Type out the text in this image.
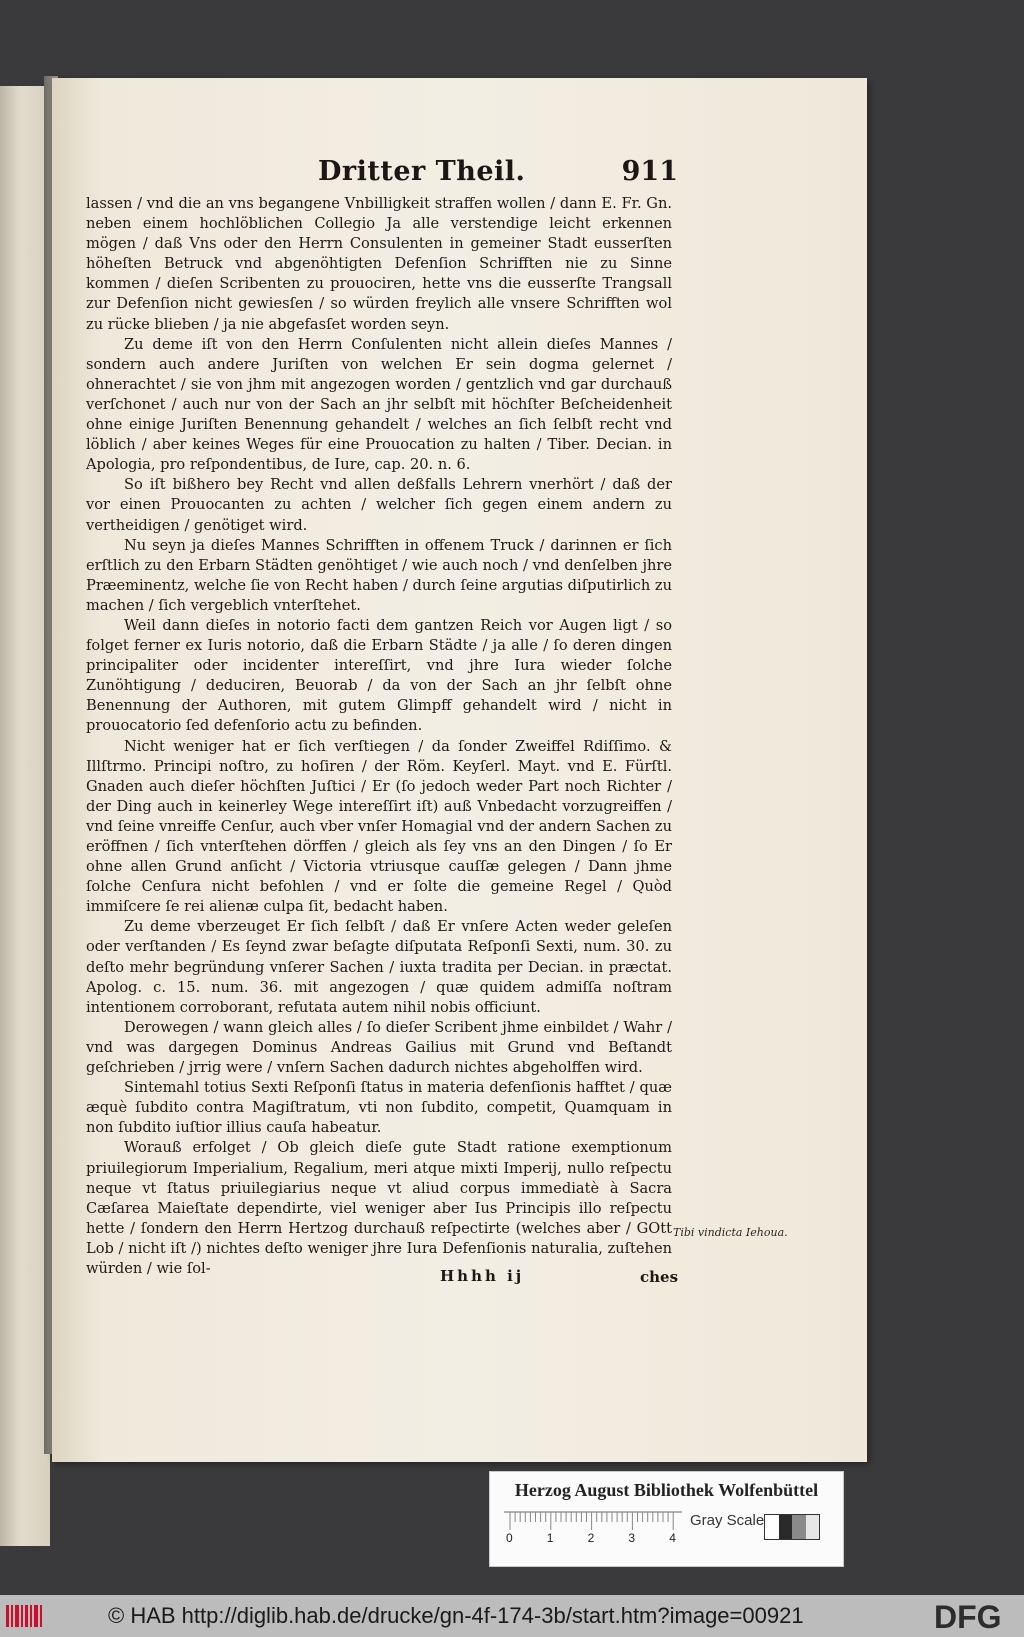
Dritter Theil.	911

lassen / vnd die an vns begangene Vnbilligkeit straffen wollen / dann E. Fr. Gn. neben einem hochlöblichen Collegio Ja alle verstendige leicht erkennen mögen / daß Vns oder den Herrn Consulenten in gemeiner Stadt eusserſten höheſten Betruck vnd abgenöhtigten Defenſion Schrifften nie zu Sinne kommen / dieſen Scribenten zu prouociren, hette vns die eusserſte Trangsall zur Defenſion nicht gewiesſen / so würden freylich alle vnsere Schrifften wol zu rücke blieben / ja nie abgefasſet worden seyn.

Zu deme iſt von den Herrn Conſulenten nicht allein dieſes Mannes / sondern auch andere Juriſten von welchen Er sein dogma gelernet / ohnerachtet / sie von jhm mit angezogen worden / gentzlich vnd gar durchauß verſchonet / auch nur von der Sach an jhr selbſt mit höchſter Beſcheidenheit ohne einige Juriſten Benennung gehandelt / welches an ſich ſelbſt recht vnd löblich / aber keines Weges für eine Prouocation zu halten / Tiber. Decian. in Apologia, pro reſpondentibus, de Iure, cap. 20. n. 6.

So iſt bißhero bey Recht vnd allen deßfalls Lehrern vnerhört / daß der vor einen Prouocanten zu achten / welcher ſich gegen einem andern zu vertheidigen / genötiget wird.

Nu seyn ja dieſes Mannes Schrifften in offenem Truck / darinnen er ſich erſtlich zu den Erbarn Städten genöhtiget / wie auch noch / vnd denſelben jhre Præeminentz, welche ſie von Recht haben / durch ſeine argutias diſputirlich zu machen / ſich vergeblich vnterſtehet.

Weil dann dieſes in notorio facti dem gantzen Reich vor Augen ligt / so folget ferner ex Iuris notorio, daß die Erbarn Städte / ja alle / ſo deren dingen principaliter oder incidenter intereſſirt, vnd jhre Iura wieder ſolche Zunöhtigung / deduciren, Beuorab / da von der Sach an jhr ſelbſt ohne Benennung der Authoren, mit gutem Glimpff gehandelt wird / nicht in prouocatorio ſed defenſorio actu zu befinden.

Nicht weniger hat er ſich verſtiegen / da ſonder Zweiffel Rdiſſimo. & Illſtrmo. Principi noſtro, zu hoſiren / der Röm. Keyſerl. Mayt. vnd E. Fürſtl. Gnaden auch dieſer höchſten Juſtici / Er (ſo jedoch weder Part noch Richter / der Ding auch in keinerley Wege intereſſirt iſt) auß Vnbedacht vorzugreiffen / vnd ſeine vnreiffe Cenſur, auch vber vnſer Homagial vnd der andern Sachen zu eröffnen / ſich vnterſtehen dörffen / gleich als ſey vns an den Dingen / ſo Er ohne allen Grund anſicht / Victoria vtriusque cauſſæ gelegen / Dann jhme ſolche Cenſura nicht befohlen / vnd er ſolte die gemeine Regel / Quòd immiſcere ſe rei alienæ culpa ſit, bedacht haben.

Zu deme vberzeuget Er ſich ſelbſt / daß Er vnſere Acten weder geleſen oder verſtanden / Es ſeynd zwar beſagte diſputata Reſponſi Sexti, num. 30. zu deſto mehr begründung vnſerer Sachen / iuxta tradita per Decian. in præctat. Apolog. c. 15. num. 36. mit angezogen / quæ quidem admiſſa noſtram intentionem corroborant, refutata autem nihil nobis officiunt.

Derowegen / wann gleich alles / ſo dieſer Scribent jhme einbildet / Wahr / vnd was dargegen Dominus Andreas Gailius mit Grund vnd Beſtandt geſchrieben / jrrig were / vnſern Sachen dadurch nichtes abgeholffen wird.

Sintemahl totius Sexti Reſponſi ſtatus in materia defenſionis hafftet / quæ æquè ſubdito contra Magiſtratum, vti non ſubdito, competit, Quamquam in non ſubdito iuſtior illius cauſa habeatur.

Worauß erfolget / Ob gleich dieſe gute Stadt ratione exemptionum priuilegiorum Imperialium, Regalium, meri atque mixti Imperij, nullo reſpectu neque vt ſtatus priuilegiarius neque vt aliud corpus immediatè à Sacra Cæſarea Maieſtate dependirte, viel weniger aber Ius Principis illo reſpectu hette / ſondern den Herrn Hertzog durchauß reſpectirte (welches aber / GOtt Lob / nicht iſt /) nichtes deſto weniger jhre Iura Defenſionis naturalia, zuſtehen würden / wie ſol-

Tibi vindicta Iehoua.
Hhhh ij	ches
Herzog August Bibliothek Wolfenbüttel
0	1	2	3	4
Gray Scale
© HAB http://diglib.hab.de/drucke/gn-4f-174-3b/start.htm?image=00921	DFG
